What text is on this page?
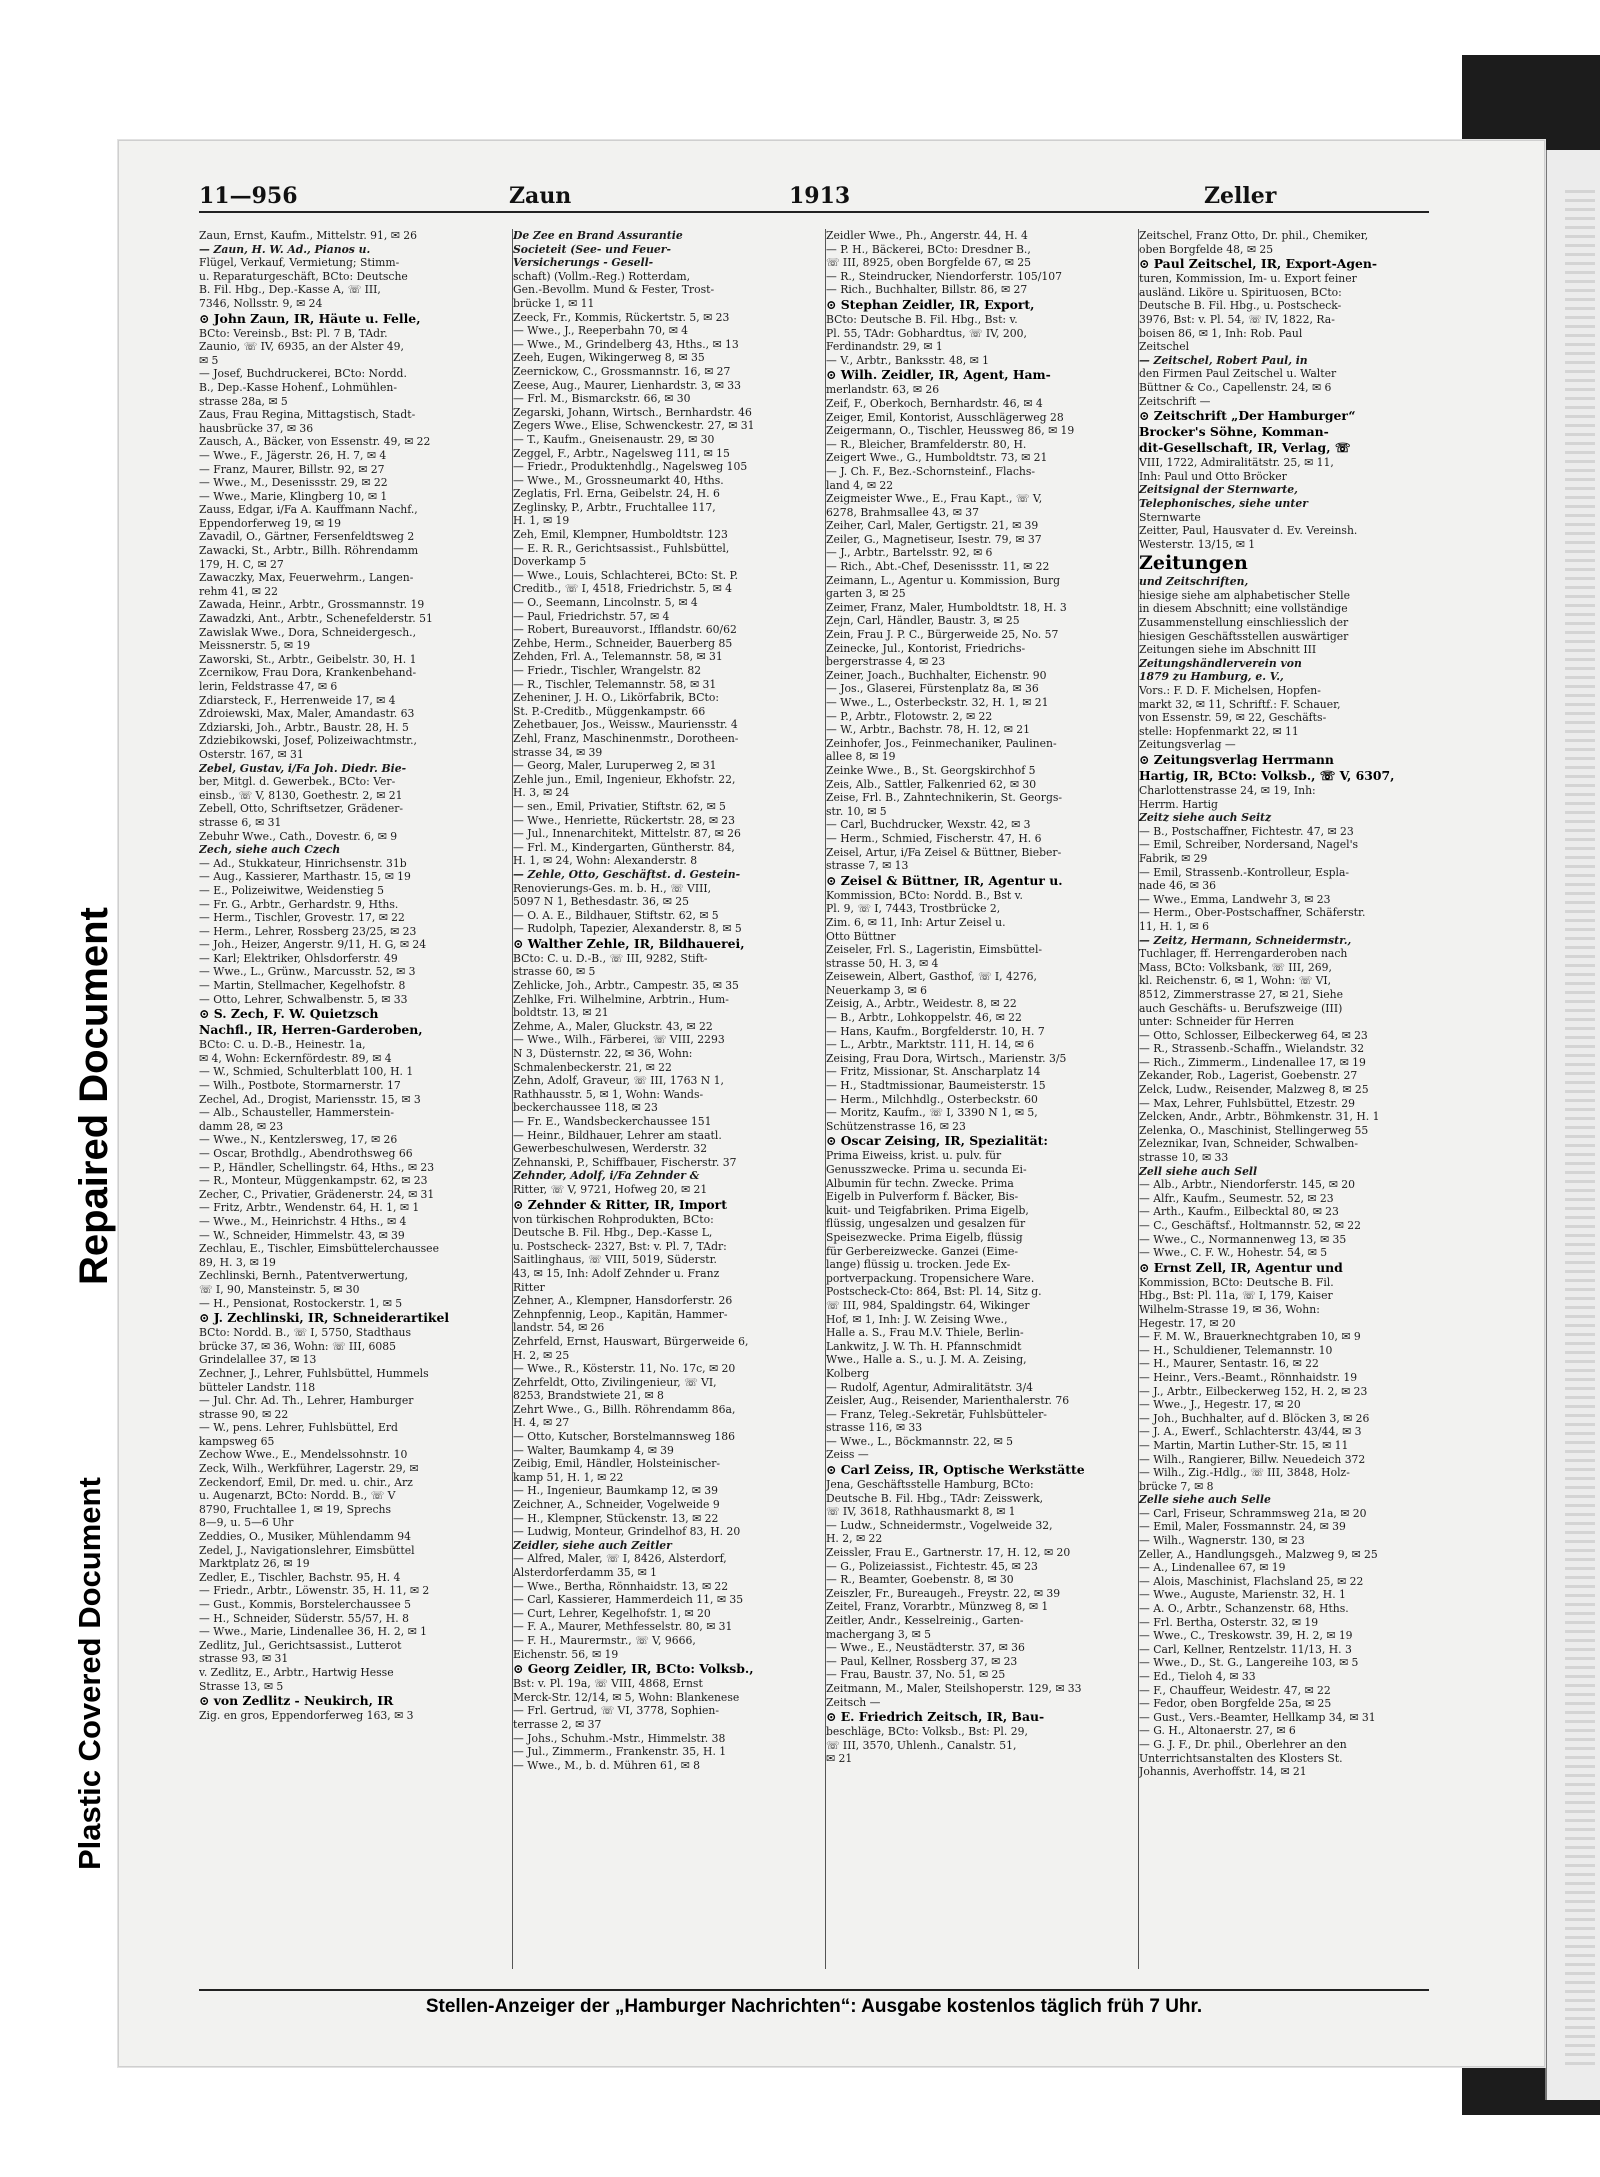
Repaired Document
Plastic Covered Document
11—956	Zaun	1913	Zeller

Zaun, Ernst, Kaufm., Mittelstr. 91, ✉ 26

— Zaun, H. W. Ad., Pianos u.

Flügel, Verkauf, Vermietung; Stimm-

u. Reparaturgeschäft, BCto: Deutsche

B. Fil. Hbg., Dep.-Kasse A, ☏ III,

7346, Nollsstr. 9, ✉ 24

⊙ John Zaun, IR, Häute u. Felle,

BCto: Vereinsb., Bst: Pl. 7 B, TAdr.

Zaunio, ☏ IV, 6935, an der Alster 49,

✉ 5

— Josef, Buchdruckerei, BCto: Nordd.

B., Dep.-Kasse Hohenf., Lohmühlen-

strasse 28a, ✉ 5

Zaus, Frau Regina, Mittagstisch, Stadt-

hausbrücke 37, ✉ 36

Zausch, A., Bäcker, von Essenstr. 49, ✉ 22

— Wwe., F., Jägerstr. 26, H. 7, ✉ 4

— Franz, Maurer, Billstr. 92, ✉ 27

— Wwe., M., Desenissstr. 29, ✉ 22

— Wwe., Marie, Klingberg 10, ✉ 1

Zauss, Edgar, i/Fa A. Kauffmann Nachf.,

Eppendorferweg 19, ✉ 19

Zavadil, O., Gärtner, Fersenfeldtsweg 2

Zawacki, St., Arbtr., Billh. Röhrendamm

179, H. C, ✉ 27

Zawaczky, Max, Feuerwehrm., Langen-

rehm 41, ✉ 22

Zawada, Heinr., Arbtr., Grossmannstr. 19

Zawadzki, Ant., Arbtr., Schenefelderstr. 51

Zawislak Wwe., Dora, Schneidergesch.,

Meissnerstr. 5, ✉ 19

Zaworski, St., Arbtr., Geibelstr. 30, H. 1

Zcernikow, Frau Dora, Krankenbehand-

lerin, Feldstrasse 47, ✉ 6

Zdiarsteck, F., Herrenweide 17, ✉ 4

Zdroiewski, Max, Maler, Amandastr. 63

Zdziarski, Joh., Arbtr., Baustr. 28, H. 5

Zdziebikowski, Josef, Polizeiwachtmstr.,

Osterstr. 167, ✉ 31

Zebel, Gustav, i/Fa Joh. Diedr. Bie-

ber, Mitgl. d. Gewerbek., BCto: Ver-

einsb., ☏ V, 8130, Goethestr. 2, ✉ 21

Zebell, Otto, Schriftsetzer, Grädener-

strasse 6, ✉ 31

Zebuhr Wwe., Cath., Dovestr. 6, ✉ 9

Zech, siehe auch Czech

— Ad., Stukkateur, Hinrichsenstr. 31b

— Aug., Kassierer, Marthastr. 15, ✉ 19

— E., Polizeiwitwe, Weidenstieg 5

— Fr. G., Arbtr., Gerhardstr. 9, Hths.

— Herm., Tischler, Grovestr. 17, ✉ 22

— Herm., Lehrer, Rossberg 23/25, ✉ 23

— Joh., Heizer, Angerstr. 9/11, H. G, ✉ 24

— Karl; Elektriker, Ohlsdorferstr. 49

— Wwe., L., Grünw., Marcusstr. 52, ✉ 3

— Martin, Stellmacher, Kegelhofstr. 8

— Otto, Lehrer, Schwalbenstr. 5, ✉ 33

⊙ S. Zech, F. W. Quietzsch

Nachfl., IR, Herren-Garderoben,

BCto: C. u. D.-B., Heinestr. 1a,

✉ 4, Wohn: Eckernfördestr. 89, ✉ 4

— W., Schmied, Schulterblatt 100, H. 1

— Wilh., Postbote, Stormarnerstr. 17

Zechel, Ad., Drogist, Mariensstr. 15, ✉ 3

— Alb., Schausteller, Hammerstein-

damm 28, ✉ 23

— Wwe., N., Kentzlersweg, 17, ✉ 26

— Oscar, Brothdlg., Abendrothsweg 66

— P., Händler, Schellingstr. 64, Hths., ✉ 23

— R., Monteur, Müggenkampstr. 62, ✉ 23

Zecher, C., Privatier, Grädenerstr. 24, ✉ 31

— Fritz, Arbtr., Wendenstr. 64, H. 1, ✉ 1

— Wwe., M., Heinrichstr. 4 Hths., ✉ 4

— W., Schneider, Himmelstr. 43, ✉ 39

Zechlau, E., Tischler, Eimsbüttelerchaussee

89, H. 3, ✉ 19

Zechlinski, Bernh., Patentverwertung,

☏ I, 90, Mansteinstr. 5, ✉ 30

— H., Pensionat, Rostockerstr. 1, ✉ 5

⊙ J. Zechlinski, IR, Schneiderartikel

BCto: Nordd. B., ☏ I, 5750, Stadthaus

brücke 37, ✉ 36, Wohn: ☏ III, 6085

Grindelallee 37, ✉ 13

Zechner, J., Lehrer, Fuhlsbüttel, Hummels

bütteler Landstr. 118

— Jul. Chr. Ad. Th., Lehrer, Hamburger

strasse 90, ✉ 22

— W., pens. Lehrer, Fuhlsbüttel, Erd

kampsweg 65

Zechow Wwe., E., Mendelssohnstr. 10

Zeck, Wilh., Werkführer, Lagerstr. 29, ✉

Zeckendorf, Emil, Dr. med. u. chir., Arz

u. Augenarzt, BCto: Nordd. B., ☏ V

8790, Fruchtallee 1, ✉ 19, Sprechs

8—9, u. 5—6 Uhr

Zeddies, O., Musiker, Mühlendamm 94

Zedel, J., Navigationslehrer, Eimsbüttel

Marktplatz 26, ✉ 19

Zedler, E., Tischler, Bachstr. 95, H. 4

— Friedr., Arbtr., Löwenstr. 35, H. 11, ✉ 2

— Gust., Kommis, Borstelerchaussee 5

— H., Schneider, Süderstr. 55/57, H. 8

— Wwe., Marie, Lindenallee 36, H. 2, ✉ 1

Zedlitz, Jul., Gerichtsassist., Lutterot

strasse 93, ✉ 31

v. Zedlitz, E., Arbtr., Hartwig Hesse

Strasse 13, ✉ 5

⊙ von Zedlitz - Neukirch, IR

Zig. en gros, Eppendorferweg 163, ✉ 3

De Zee en Brand Assurantie

Societeit (See- und Feuer-

Versicherungs - Gesell-

schaft) (Vollm.-Reg.) Rotterdam,

Gen.-Bevollm. Mund & Fester, Trost-

brücke 1, ✉ 11

Zeeck, Fr., Kommis, Rückertstr. 5, ✉ 23

— Wwe., J., Reeperbahn 70, ✉ 4

— Wwe., M., Grindelberg 43, Hths., ✉ 13

Zeeh, Eugen, Wikingerweg 8, ✉ 35

Zeernickow, C., Grossmannstr. 16, ✉ 27

Zeese, Aug., Maurer, Lienhardstr. 3, ✉ 33

— Frl. M., Bismarckstr. 66, ✉ 30

Zegarski, Johann, Wirtsch., Bernhardstr. 46

Zegers Wwe., Elise, Schwenckestr. 27, ✉ 31

— T., Kaufm., Gneisenaustr. 29, ✉ 30

Zeggel, F., Arbtr., Nagelsweg 111, ✉ 15

— Friedr., Produktenhdlg., Nagelsweg 105

— Wwe., M., Grossneumarkt 40, Hths.

Zeglatis, Frl. Erna, Geibelstr. 24, H. 6

Zeglinsky, P., Arbtr., Fruchtallee 117,

H. 1, ✉ 19

Zeh, Emil, Klempner, Humboldtstr. 123

— E. R. R., Gerichtsassist., Fuhlsbüttel,

Doverkamp 5

— Wwe., Louis, Schlachterei, BCto: St. P.

Creditb., ☏ I, 4518, Friedrichstr. 5, ✉ 4

— O., Seemann, Lincolnstr. 5, ✉ 4

— Paul, Friedrichstr. 57, ✉ 4

— Robert, Bureauvorst., Ifflandstr. 60/62

Zehbe, Herm., Schneider, Bauerberg 85

Zehden, Frl. A., Telemannstr. 58, ✉ 31

— Friedr., Tischler, Wrangelstr. 82

— R., Tischler, Telemannstr. 58, ✉ 31

Zeheniner, J. H. O., Likörfabrik, BCto:

St. P.-Creditb., Müggenkampstr. 66

Zehetbauer, Jos., Weissw., Mauriensstr. 4

Zehl, Franz, Maschinenmstr., Dorotheen-

strasse 34, ✉ 39

— Georg, Maler, Luruperweg 2, ✉ 31

Zehle jun., Emil, Ingenieur, Ekhofstr. 22,

H. 3, ✉ 24

— sen., Emil, Privatier, Stiftstr. 62, ✉ 5

— Wwe., Henriette, Rückertstr. 28, ✉ 23

— Jul., Innenarchitekt, Mittelstr. 87, ✉ 26

— Frl. M., Kindergarten, Güntherstr. 84,

H. 1, ✉ 24, Wohn: Alexanderstr. 8

— Zehle, Otto, Geschäftst. d. Gestein-

Renovierungs-Ges. m. b. H., ☏ VIII,

5097 N 1, Bethesdastr. 36, ✉ 25

— O. A. E., Bildhauer, Stiftstr. 62, ✉ 5

— Rudolph, Tapezier, Alexanderstr. 8, ✉ 5

⊙ Walther Zehle, IR, Bildhauerei,

BCto: C. u. D.-B., ☏ III, 9282, Stift-

strasse 60, ✉ 5

Zehlicke, Joh., Arbtr., Campestr. 35, ✉ 35

Zehlke, Fri. Wilhelmine, Arbtrin., Hum-

boldtstr. 13, ✉ 21

Zehme, A., Maler, Gluckstr. 43, ✉ 22

— Wwe., Wilh., Färberei, ☏ VIII, 2293

N 3, Düsternstr. 22, ✉ 36, Wohn:

Schmalenbeckerstr. 21, ✉ 22

Zehn, Adolf, Graveur, ☏ III, 1763 N 1,

Rathhausstr. 5, ✉ 1, Wohn: Wands-

beckerchaussee 118, ✉ 23

— Fr. E., Wandsbeckerchaussee 151

— Heinr., Bildhauer, Lehrer am staatl.

Gewerbeschulwesen, Werderstr. 32

Zehnanski, P., Schiffbauer, Fischerstr. 37

Zehnder, Adolf, i/Fa Zehnder &

Ritter, ☏ V, 9721, Hofweg 20, ✉ 21

⊙ Zehnder & Ritter, IR, Import

von türkischen Rohprodukten, BCto:

Deutsche B. Fil. Hbg., Dep.-Kasse L,

u. Postscheck- 2327, Bst: v. Pl. 7, TAdr:

Saitlinghaus, ☏ VIII, 5019, Süderstr.

43, ✉ 15, Inh: Adolf Zehnder u. Franz

Ritter

Zehner, A., Klempner, Hansdorferstr. 26

Zehnpfennig, Leop., Kapitän, Hammer-

landstr. 54, ✉ 26

Zehrfeld, Ernst, Hauswart, Bürgerweide 6,

H. 2, ✉ 25

— Wwe., R., Kösterstr. 11, No. 17c, ✉ 20

Zehrfeldt, Otto, Zivilingenieur, ☏ VI,

8253, Brandstwiete 21, ✉ 8

Zehrt Wwe., G., Billh. Röhrendamm 86a,

H. 4, ✉ 27

— Otto, Kutscher, Borstelmannsweg 186

— Walter, Baumkamp 4, ✉ 39

Zeibig, Emil, Händler, Holsteinischer-

kamp 51, H. 1, ✉ 22

— H., Ingenieur, Baumkamp 12, ✉ 39

Zeichner, A., Schneider, Vogelweide 9

— H., Klempner, Stückenstr. 13, ✉ 22

— Ludwig, Monteur, Grindelhof 83, H. 20

Zeidler, siehe auch Zeitler

— Alfred, Maler, ☏ I, 8426, Alsterdorf,

Alsterdorferdamm 35, ✉ 1

— Wwe., Bertha, Rönnhaidstr. 13, ✉ 22

— Carl, Kassierer, Hammerdeich 11, ✉ 35

— Curt, Lehrer, Kegelhofstr. 1, ✉ 20

— F. A., Maurer, Methfesselstr. 80, ✉ 31

— F. H., Maurermstr., ☏ V, 9666,

Eichenstr. 56, ✉ 19

⊙ Georg Zeidler, IR, BCto: Volksb.,

Bst: v. Pl. 19a, ☏ VIII, 4868, Ernst

Merck-Str. 12/14, ✉ 5, Wohn: Blankenese

— Frl. Gertrud, ☏ VI, 3778, Sophien-

terrasse 2, ✉ 37

— Johs., Schuhm.-Mstr., Himmelstr. 38

— Jul., Zimmerm., Frankenstr. 35, H. 1

— Wwe., M., b. d. Mühren 61, ✉ 8

Zeidler Wwe., Ph., Angerstr. 44, H. 4

— P. H., Bäckerei, BCto: Dresdner B.,

☏ III, 8925, oben Borgfelde 67, ✉ 25

— R., Steindrucker, Niendorferstr. 105/107

— Rich., Buchhalter, Billstr. 86, ✉ 27

⊙ Stephan Zeidler, IR, Export,

BCto: Deutsche B. Fil. Hbg., Bst: v.

Pl. 55, TAdr: Gobhardtus, ☏ IV, 200,

Ferdinandstr. 29, ✉ 1

— V., Arbtr., Banksstr. 48, ✉ 1

⊙ Wilh. Zeidler, IR, Agent, Ham-

merlandstr. 63, ✉ 26

Zeif, F., Oberkoch, Bernhardstr. 46, ✉ 4

Zeiger, Emil, Kontorist, Ausschlägerweg 28

Zeigermann, O., Tischler, Heussweg 86, ✉ 19

— R., Bleicher, Bramfelderstr. 80, H.

Zeigert Wwe., G., Humboldtstr. 73, ✉ 21

— J. Ch. F., Bez.-Schornsteinf., Flachs-

land 4, ✉ 22

Zeigmeister Wwe., E., Frau Kapt., ☏ V,

6278, Brahmsallee 43, ✉ 37

Zeiher, Carl, Maler, Gertigstr. 21, ✉ 39

Zeiler, G., Magnetiseur, Isestr. 79, ✉ 37

— J., Arbtr., Bartelsstr. 92, ✉ 6

— Rich., Abt.-Chef, Desenissstr. 11, ✉ 22

Zeimann, L., Agentur u. Kommission, Burg

garten 3, ✉ 25

Zeimer, Franz, Maler, Humboldtstr. 18, H. 3

Zejn, Carl, Händler, Baustr. 3, ✉ 25

Zein, Frau J. P. C., Bürgerweide 25, No. 57

Zeinecke, Jul., Kontorist, Friedrichs-

bergerstrasse 4, ✉ 23

Zeiner, Joach., Buchhalter, Eichenstr. 90

— Jos., Glaserei, Fürstenplatz 8a, ✉ 36

— Wwe., L., Osterbeckstr. 32, H. 1, ✉ 21

— P., Arbtr., Flotowstr. 2, ✉ 22

— W., Arbtr., Bachstr. 78, H. 12, ✉ 21

Zeinhofer, Jos., Feinmechaniker, Paulinen-

allee 8, ✉ 19

Zeinke Wwe., B., St. Georgskirchhof 5

Zeis, Alb., Sattler, Falkenried 62, ✉ 30

Zeise, Frl. B., Zahntechnikerin, St. Georgs-

str. 10, ✉ 5

— Carl, Buchdrucker, Wexstr. 42, ✉ 3

— Herm., Schmied, Fischerstr. 47, H. 6

Zeisel, Artur, i/Fa Zeisel & Büttner, Bieber-

strasse 7, ✉ 13

⊙ Zeisel & Büttner, IR, Agentur u.

Kommission, BCto: Nordd. B., Bst v.

Pl. 9, ☏ I, 7443, Trostbrücke 2,

Zim. 6, ✉ 11, Inh: Artur Zeisel u.

Otto Büttner

Zeiseler, Frl. S., Lageristin, Eimsbüttel-

strasse 50, H. 3, ✉ 4

Zeisewein, Albert, Gasthof, ☏ I, 4276,

Neuerkamp 3, ✉ 6

Zeisig, A., Arbtr., Weidestr. 8, ✉ 22

— B., Arbtr., Lohkoppelstr. 46, ✉ 22

— Hans, Kaufm., Borgfelderstr. 10, H. 7

— L., Arbtr., Marktstr. 111, H. 14, ✉ 6

Zeising, Frau Dora, Wirtsch., Marienstr. 3/5

— Fritz, Missionar, St. Anscharplatz 14

— H., Stadtmissionar, Baumeisterstr. 15

— Herm., Milchhdlg., Osterbeckstr. 60

— Moritz, Kaufm., ☏ I, 3390 N 1, ✉ 5,

Schützenstrasse 16, ✉ 23

⊙ Oscar Zeising, IR, Spezialität:

Prima Eiweiss, krist. u. pulv. für

Genusszwecke. Prima u. secunda Ei-

Albumin für techn. Zwecke. Prima

Eigelb in Pulverform f. Bäcker, Bis-

kuit- und Teigfabriken. Prima Eigelb,

flüssig, ungesalzen und gesalzen für

Speisezwecke. Prima Eigelb, flüssig

für Gerbereizwecke. Ganzei (Eime-

lange) flüssig u. trocken. Jede Ex-

portverpackung. Tropensichere Ware.

Postscheck-Cto: 864, Bst: Pl. 14, Sitz g.

☏ III, 984, Spaldingstr. 64, Wikinger

Hof, ✉ 1, Inh: J. W. Zeising Wwe.,

Halle a. S., Frau M.V. Thiele, Berlin-

Lankwitz, J. W. Th. H. Pfannschmidt

Wwe., Halle a. S., u. J. M. A. Zeising,

Kolberg

— Rudolf, Agentur, Admiralitätstr. 3/4

Zeisler, Aug., Reisender, Marienthalerstr. 76

— Franz, Teleg.-Sekretär, Fuhlsbütteler-

strasse 116, ✉ 33

— Wwe., L., Böckmannstr. 22, ✉ 5

Zeiss —

⊙ Carl Zeiss, IR, Optische Werkstätte

Jena, Geschäftsstelle Hamburg, BCto:

Deutsche B. Fil. Hbg., TAdr: Zeisswerk,

☏ IV, 3618, Rathhausmarkt 8, ✉ 1

— Ludw., Schneidermstr., Vogelweide 32,

H. 2, ✉ 22

Zeissler, Frau E., Gartnerstr. 17, H. 12, ✉ 20

— G., Polizeiassist., Fichtestr. 45, ✉ 23

— R., Beamter, Goebenstr. 8, ✉ 30

Zeiszler, Fr., Bureaugeh., Freystr. 22, ✉ 39

Zeitel, Franz, Vorarbtr., Münzweg 8, ✉ 1

Zeitler, Andr., Kesselreinig., Garten-

machergang 3, ✉ 5

— Wwe., E., Neustädterstr. 37, ✉ 36

— Paul, Kellner, Rossberg 37, ✉ 23

— Frau, Baustr. 37, No. 51, ✉ 25

Zeitmann, M., Maler, Steilshoperstr. 129, ✉ 33

Zeitsch —

⊙ E. Friedrich Zeitsch, IR, Bau-

beschläge, BCto: Volksb., Bst: Pl. 29,

☏ III, 3570, Uhlenh., Canalstr. 51,

✉ 21

Zeitschel, Franz Otto, Dr. phil., Chemiker,

oben Borgfelde 48, ✉ 25

⊙ Paul Zeitschel, IR, Export-Agen-

turen, Kommission, Im- u. Export feiner

ausländ. Liköre u. Spirituosen, BCto:

Deutsche B. Fil. Hbg., u. Postscheck-

3976, Bst: v. Pl. 54, ☏ IV, 1822, Ra-

boisen 86, ✉ 1, Inh: Rob. Paul

Zeitschel

— Zeitschel, Robert Paul, in

den Firmen Paul Zeitschel u. Walter

Büttner & Co., Capellenstr. 24, ✉ 6

Zeitschrift —

⊙ Zeitschrift „Der Hamburger“

Brocker's Söhne, Komman-

dit-Gesellschaft, IR, Verlag, ☏

VIII, 1722, Admiralitätstr. 25, ✉ 11,

Inh: Paul und Otto Bröcker

Zeitsignal der Sternwarte,

Telephonisches, siehe unter

Sternwarte

Zeitter, Paul, Hausvater d. Ev. Vereinsh.

Westerstr. 13/15, ✉ 1

Zeitungen

und Zeitschriften,

hiesige siehe am alphabetischer Stelle

in diesem Abschnitt; eine vollständige

Zusammenstellung einschliesslich der

hiesigen Geschäftsstellen auswärtiger

Zeitungen siehe im Abschnitt III

Zeitungshändlerverein von

1879 zu Hamburg, e. V.,

Vors.: F. D. F. Michelsen, Hopfen-

markt 32, ✉ 11, Schriftf.: F. Schauer,

von Essenstr. 59, ✉ 22, Geschäfts-

stelle: Hopfenmarkt 22, ✉ 11

Zeitungsverlag —

⊙ Zeitungsverlag Herrmann

Hartig, IR, BCto: Volksb., ☏ V, 6307,

Charlottenstrasse 24, ✉ 19, Inh:

Herrm. Hartig

Zeitz siehe auch Seitz

— B., Postschaffner, Fichtestr. 47, ✉ 23

— Emil, Schreiber, Nordersand, Nagel's

Fabrik, ✉ 29

— Emil, Strassenb.-Kontrolleur, Espla-

nade 46, ✉ 36

— Wwe., Emma, Landwehr 3, ✉ 23

— Herm., Ober-Postschaffner, Schäferstr.

11, H. 1, ✉ 6

— Zeitz, Hermann, Schneidermstr.,

Tuchlager, ff. Herrengarderoben nach

Mass, BCto: Volksbank, ☏ III, 269,

kl. Reichenstr. 6, ✉ 1, Wohn: ☏ VI,

8512, Zimmerstrasse 27, ✉ 21, Siehe

auch Geschäfts- u. Berufszweige (III)

unter: Schneider für Herren

— Otto, Schlosser, Eilbeckerweg 64, ✉ 23

— R., Strassenb.-Schaffn., Wielandstr. 32

— Rich., Zimmerm., Lindenallee 17, ✉ 19

Zekander, Rob., Lagerist, Goebenstr. 27

Zelck, Ludw., Reisender, Malzweg 8, ✉ 25

— Max, Lehrer, Fuhlsbüttel, Etzestr. 29

Zelcken, Andr., Arbtr., Böhmkenstr. 31, H. 1

Zelenka, O., Maschinist, Stellingerweg 55

Zeleznikar, Ivan, Schneider, Schwalben-

strasse 10, ✉ 33

Zell siehe auch Sell

— Alb., Arbtr., Niendorferstr. 145, ✉ 20

— Alfr., Kaufm., Seumestr. 52, ✉ 23

— Arth., Kaufm., Eilbecktal 80, ✉ 23

— C., Geschäftsf., Holtmannstr. 52, ✉ 22

— Wwe., C., Normannenweg 13, ✉ 35

— Wwe., C. F. W., Hohestr. 54, ✉ 5

⊙ Ernst Zell, IR, Agentur und

Kommission, BCto: Deutsche B. Fil.

Hbg., Bst: Pl. 11a, ☏ I, 179, Kaiser

Wilhelm-Strasse 19, ✉ 36, Wohn:

Hegestr. 17, ✉ 20

— F. M. W., Brauerknechtgraben 10, ✉ 9

— H., Schuldiener, Telemannstr. 10

— H., Maurer, Sentastr. 16, ✉ 22

— Heinr., Vers.-Beamt., Rönnhaidstr. 19

— J., Arbtr., Eilbeckerweg 152, H. 2, ✉ 23

— Wwe., J., Hegestr. 17, ✉ 20

— Joh., Buchhalter, auf d. Blöcken 3, ✉ 26

— J. A., Ewerf., Schlachterstr. 43/44, ✉ 3

— Martin, Martin Luther-Str. 15, ✉ 11

— Wilh., Rangierer, Billw. Neuedeich 372

— Wilh., Zig.-Hdlg., ☏ III, 3848, Holz-

brücke 7, ✉ 8

Zelle siehe auch Selle

— Carl, Friseur, Schrammsweg 21a, ✉ 20

— Emil, Maler, Fossmannstr. 24, ✉ 39

— Wilh., Wagnerstr. 130, ✉ 23

Zeller, A., Handlungsgeh., Malzweg 9, ✉ 25

— A., Lindenallee 67, ✉ 19

— Alois, Maschinist, Flachsland 25, ✉ 22

— Wwe., Auguste, Marienstr. 32, H. 1

— A. O., Arbtr., Schanzenstr. 68, Hths.

— Frl. Bertha, Osterstr. 32, ✉ 19

— Wwe., C., Treskowstr. 39, H. 2, ✉ 19

— Carl, Kellner, Rentzelstr. 11/13, H. 3

— Wwe., D., St. G., Langereihe 103, ✉ 5

— Ed., Tieloh 4, ✉ 33

— F., Chauffeur, Weidestr. 47, ✉ 22

— Fedor, oben Borgfelde 25a, ✉ 25

— Gust., Vers.-Beamter, Hellkamp 34, ✉ 31

— G. H., Altonaerstr. 27, ✉ 6

— G. J. F., Dr. phil., Oberlehrer an den

Unterrichtsanstalten des Klosters St.

Johannis, Averhoffstr. 14, ✉ 21

Stellen-Anzeiger der „Hamburger Nachrichten“: Ausgabe kostenlos täglich früh 7 Uhr.
